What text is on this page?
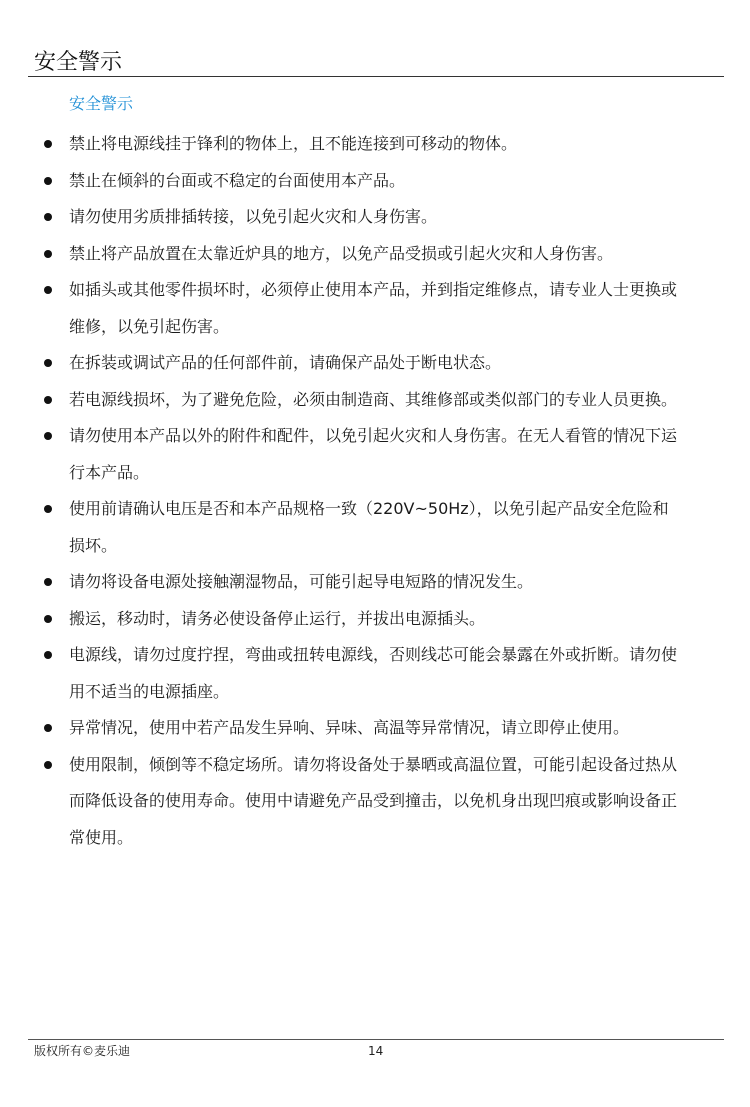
安全警示
安全警示
禁止将电源线挂于锋利的物体上，且不能连接到可移动的物体。
禁止在倾斜的台面或不稳定的台面使用本产品。
请勿使用劣质排插转接，以免引起火灾和人身伤害。
禁止将产品放置在太靠近炉具的地方，以免产品受损或引起火灾和人身伤害。
如插头或其他零件损坏时，必须停止使用本产品，并到指定维修点，请专业人士更换或维修，以免引起伤害。
在拆装或调试产品的任何部件前，请确保产品处于断电状态。
若电源线损坏，为了避免危险，必须由制造商、其维修部或类似部门的专业人员更换。
请勿使用本产品以外的附件和配件，以免引起火灾和人身伤害。在无人看管的情况下运行本产品。
使用前请确认电压是否和本产品规格一致（220V~50Hz），以免引起产品安全危险和损坏。
请勿将设备电源处接触潮湿物品，可能引起导电短路的情况发生。
搬运，移动时，请务必使设备停止运行，并拔出电源插头。
电源线，请勿过度拧捏，弯曲或扭转电源线，否则线芯可能会暴露在外或折断。请勿使用不适当的电源插座。
异常情况，使用中若产品发生异响、异味、高温等异常情况，请立即停止使用。
使用限制，倾倒等不稳定场所。请勿将设备处于暴晒或高温位置，可能引起设备过热从而降低设备的使用寿命。使用中请避免产品受到撞击，以免机身出现凹痕或影响设备正常使用。
版权所有©麦乐迪	14
